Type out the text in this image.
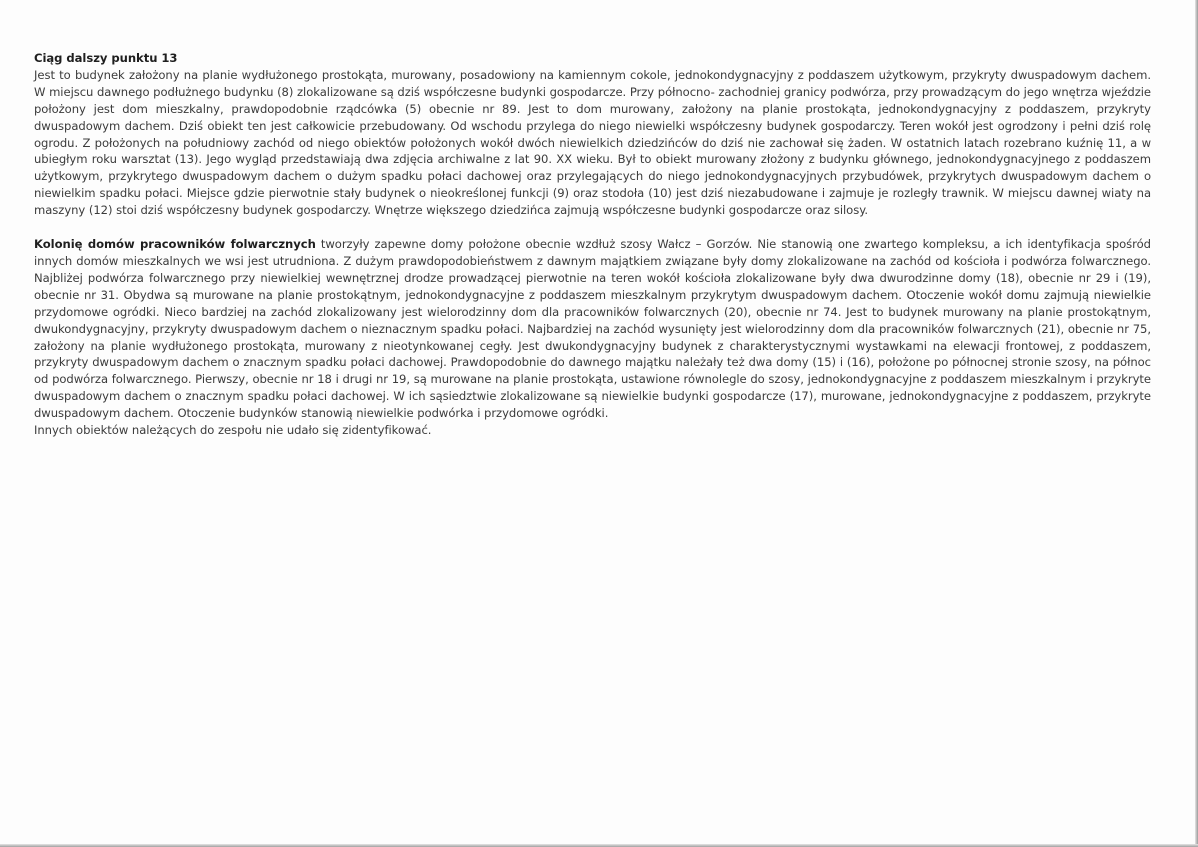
Ciąg dalszy punktu 13

Jest to budynek założony na planie wydłużonego prostokąta, murowany, posadowiony na kamiennym cokole, jednokondygnacyjny z poddaszem użytkowym, przykryty dwuspadowym dachem. W miejscu dawnego podłużnego budynku (8) zlokalizowane są dziś współczesne budynki gospodarcze. Przy północno- zachodniej granicy podwórza, przy prowadzącym do jego wnętrza wjeździe położony jest dom mieszkalny, prawdopodobnie rządcówka (5) obecnie nr 89. Jest to dom murowany, założony na planie prostokąta, jednokondygnacyjny z poddaszem, przykryty dwuspadowym dachem. Dziś obiekt ten jest całkowicie przebudowany. Od wschodu przylega do niego niewielki współczesny budynek gospodarczy. Teren wokół jest ogrodzony i pełni dziś rolę ogrodu. Z położonych na południowy zachód od niego obiektów położonych wokół dwóch niewielkich dziedzińców do dziś nie zachował się żaden. W ostatnich latach rozebrano kuźnię 11, a w ubiegłym roku warsztat (13). Jego wygląd przedstawiają dwa zdjęcia archiwalne z lat 90. XX wieku. Był to obiekt murowany złożony z budynku głównego, jednokondygnacyjnego z poddaszem użytkowym, przykrytego dwuspadowym dachem o dużym spadku połaci dachowej oraz przylegających do niego jednokondygnacyjnych przybudówek, przykrytych dwuspadowym dachem o niewielkim spadku połaci. Miejsce gdzie pierwotnie stały budynek o nieokreślonej funkcji (9) oraz stodoła (10) jest dziś niezabudowane i zajmuje je rozległy trawnik. W miejscu dawnej wiaty na maszyny (12) stoi dziś współczesny budynek gospodarczy. Wnętrze większego dziedzińca zajmują współczesne budynki gospodarcze oraz silosy.

Kolonię domów pracowników folwarcznych tworzyły zapewne domy położone obecnie wzdłuż szosy Wałcz – Gorzów. Nie stanowią one zwartego kompleksu, a ich identyfikacja spośród innych domów mieszkalnych we wsi jest utrudniona. Z dużym prawdopodobieństwem z dawnym majątkiem związane były domy zlokalizowane na zachód od kościoła i podwórza folwarcznego. Najbliżej podwórza folwarcznego przy niewielkiej wewnętrznej drodze prowadzącej pierwotnie na teren wokół kościoła zlokalizowane były dwa dwurodzinne domy (18), obecnie nr 29 i (19), obecnie nr 31. Obydwa są murowane na planie prostokątnym, jednokondygnacyjne z poddaszem mieszkalnym przykrytym dwuspadowym dachem. Otoczenie wokół domu zajmują niewielkie przydomowe ogródki. Nieco bardziej na zachód zlokalizowany jest wielorodzinny dom dla pracowników folwarcznych (20), obecnie nr 74. Jest to budynek murowany na planie prostokątnym, dwukondygnacyjny, przykryty dwuspadowym dachem o nieznacznym spadku połaci. Najbardziej na zachód wysunięty jest wielorodzinny dom dla pracowników folwarcznych (21), obecnie nr 75, założony na planie wydłużonego prostokąta, murowany z nieotynkowanej cegły. Jest dwukondygnacyjny budynek z charakterystycznymi wystawkami na elewacji frontowej, z poddaszem, przykryty dwuspadowym dachem o znacznym spadku połaci dachowej. Prawdopodobnie do dawnego majątku należały też dwa domy (15) i (16), położone po północnej stronie szosy, na północ od podwórza folwarcznego. Pierwszy, obecnie nr 18 i drugi nr 19, są murowane na planie prostokąta, ustawione równolegle do szosy, jednokondygnacyjne z poddaszem mieszkalnym i przykryte dwuspadowym dachem o znacznym spadku połaci dachowej. W ich sąsiedztwie zlokalizowane są niewielkie budynki gospodarcze (17), murowane, jednokondygnacyjne z poddaszem, przykryte dwuspadowym dachem. Otoczenie budynków stanowią niewielkie podwórka i przydomowe ogródki.

Innych obiektów należących do zespołu nie udało się zidentyfikować.
